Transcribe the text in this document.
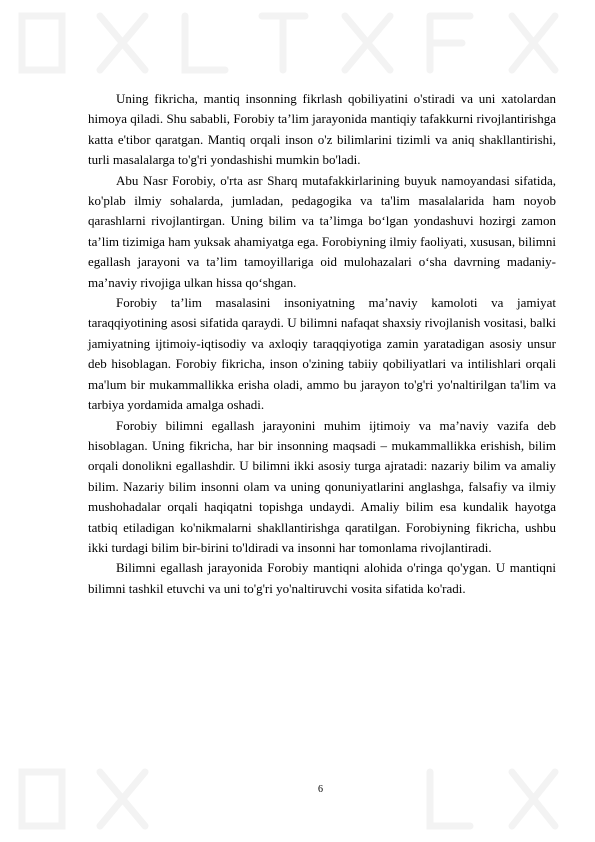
Uning fikricha, mantiq insonning fikrlash qobiliyatini o'stiradi va uni xatolardan himoya qiladi. Shu sababli, Forobiy ta’lim jarayonida mantiqiy tafakkurni rivojlantirishga katta e'tibor qaratgan. Mantiq orqali inson o'z bilimlarini tizimli va aniq shakllantirishi, turli masalalarga to'g'ri yondashishi mumkin bo'ladi.

Abu Nasr Forobiy, o'rta asr Sharq mutafakkirlarining buyuk namoyandasi sifatida, ko'plab ilmiy sohalarda, jumladan, pedagogika va ta'lim masalalarida ham noyob qarashlarni rivojlantirgan. Uning bilim va ta’limga bo‘lgan yondashuvi hozirgi zamon ta’lim tizimiga ham yuksak ahamiyatga ega. Forobiyning ilmiy faoliyati, xususan, bilimni egallash jarayoni va ta’lim tamoyillariga oid mulohazalari o‘sha davrning madaniy-ma’naviy rivojiga ulkan hissa qo‘shgan.

Forobiy ta’lim masalasini insoniyatning ma’naviy kamoloti va jamiyat taraqqiyotining asosi sifatida qaraydi. U bilimni nafaqat shaxsiy rivojlanish vositasi, balki jamiyatning ijtimoiy-iqtisodiy va axloqiy taraqqiyotiga zamin yaratadigan asosiy unsur deb hisoblagan. Forobiy fikricha, inson o'zining tabiiy qobiliyatlari va intilishlari orqali ma'lum bir mukammallikka erisha oladi, ammo bu jarayon to'g'ri yo'naltirilgan ta'lim va tarbiya yordamida amalga oshadi.

Forobiy bilimni egallash jarayonini muhim ijtimoiy va ma’naviy vazifa deb hisoblagan. Uning fikricha, har bir insonning maqsadi – mukammallikka erishish, bilim orqali donolikni egallashdir. U bilimni ikki asosiy turga ajratadi: nazariy bilim va amaliy bilim. Nazariy bilim insonni olam va uning qonuniyatlarini anglashga, falsafiy va ilmiy mushohadalar orqali haqiqatni topishga undaydi. Amaliy bilim esa kundalik hayotga tatbiq etiladigan ko'nikmalarni shakllantirishga qaratilgan. Forobiyning fikricha, ushbu ikki turdagi bilim bir-birini to'ldiradi va insonni har tomonlama rivojlantiradi.

Bilimni egallash jarayonida Forobiy mantiqni alohida o'ringa qo'ygan. U mantiqni bilimni tashkil etuvchi va uni to'g'ri yo'naltiruvchi vosita sifatida ko'radi.

6
